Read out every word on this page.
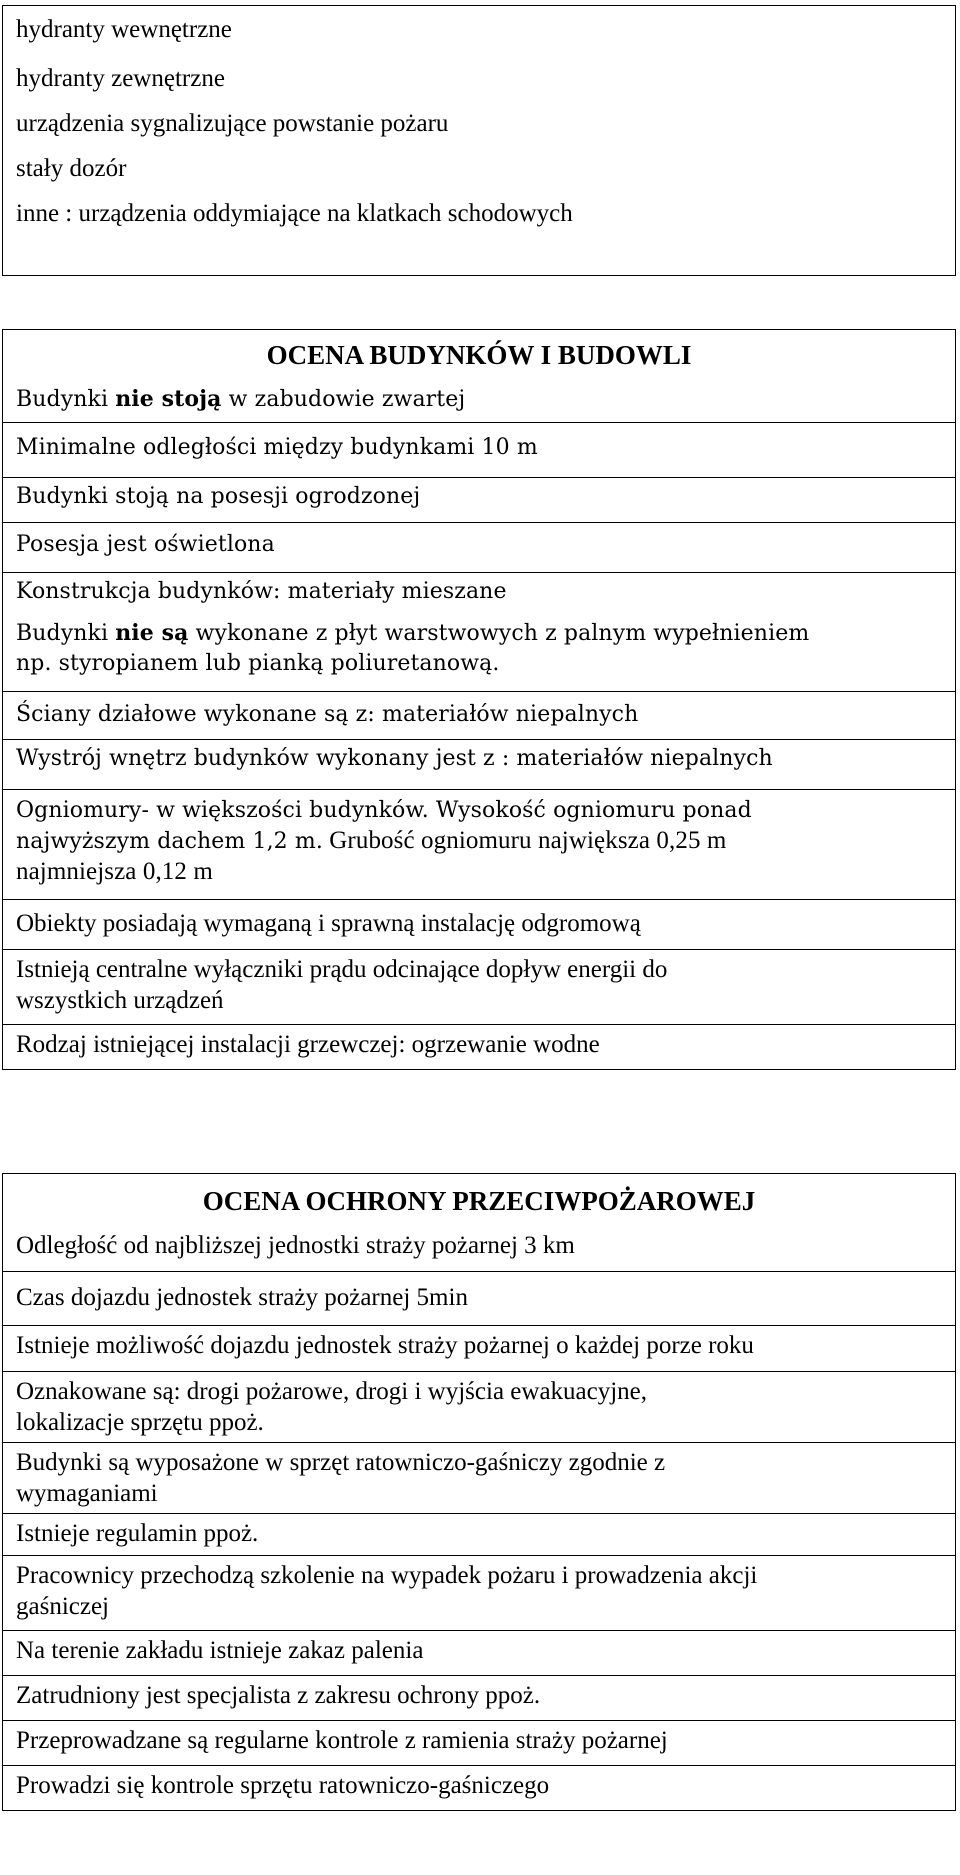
hydranty wewnętrzne
hydranty zewnętrzne
urządzenia sygnalizujące powstanie pożaru
stały dozór
inne : urządzenia oddymiające na klatkach schodowych
OCENA BUDYNKÓW I BUDOWLI
Budynki nie stoją w zabudowie zwartej
Minimalne odległości między budynkami 10 m
Budynki stoją na posesji ogrodzonej
Posesja jest oświetlona
Konstrukcja budynków: materiały mieszane
Budynki nie są wykonane z płyt warstwowych z palnym wypełnieniem
np. styropianem lub pianką poliuretanową.
Ściany działowe wykonane są z: materiałów niepalnych
Wystrój wnętrz budynków wykonany jest z : materiałów niepalnych
Ogniomury- w większości budynków. Wysokość ogniomuru ponad
najwyższym dachem 1,2 m. Grubość ogniomuru największa 0,25 m
najmniejsza 0,12 m
Obiekty posiadają wymaganą i sprawną instalację odgromową
Istnieją centralne wyłączniki prądu odcinające dopływ energii do
wszystkich urządzeń
Rodzaj istniejącej instalacji grzewczej: ogrzewanie wodne
OCENA OCHRONY PRZECIWPOŻAROWEJ
Odległość od najbliższej jednostki straży pożarnej 3 km
Czas dojazdu jednostek straży pożarnej 5min
Istnieje możliwość dojazdu jednostek straży pożarnej o każdej porze roku
Oznakowane są: drogi pożarowe, drogi i wyjścia ewakuacyjne,
lokalizacje sprzętu ppoż.
Budynki są wyposażone w sprzęt ratowniczo-gaśniczy zgodnie z
wymaganiami
Istnieje regulamin ppoż.
Pracownicy przechodzą szkolenie na wypadek pożaru i prowadzenia akcji
gaśniczej
Na terenie zakładu istnieje zakaz palenia
Zatrudniony jest specjalista z zakresu ochrony ppoż.
Przeprowadzane są regularne kontrole z ramienia straży pożarnej
Prowadzi się kontrole sprzętu ratowniczo-gaśniczego
